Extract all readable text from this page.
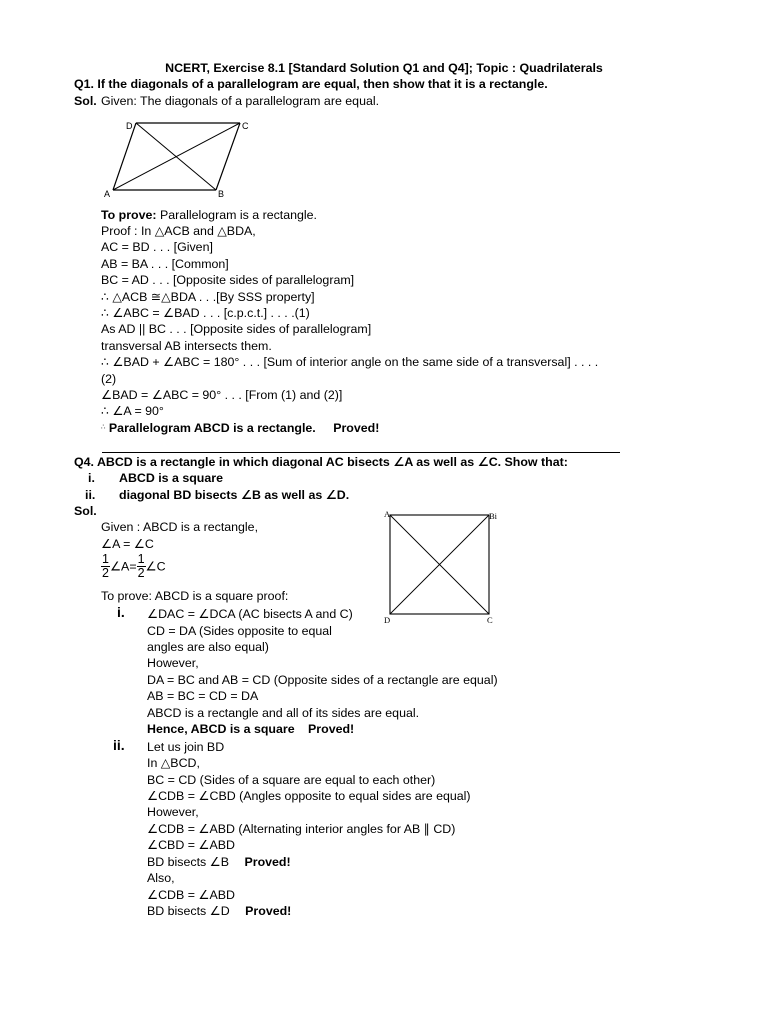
NCERT, Exercise 8.1 [Standard Solution Q1 and Q4]; Topic : Quadrilaterals
Q1. If the diagonals of a parallelogram are equal, then show that it is a rectangle.
Sol. Given: The diagonals of a parallelogram are equal.
D	C
A	B
To prove: Parallelogram is a rectangle.
Proof : In △ACB and △BDA,
AC = BD . . . [Given]
AB = BA . . . [Common]
BC = AD . . . [Opposite sides of parallelogram]
∴ △ACB ≅△BDA . . .[By SSS property]
∴ ∠ABC = ∠BAD . . . [c.p.c.t.] . . . .(1)
As AD || BC . . . [Opposite sides of parallelogram]
transversal AB intersects them.
∴ ∠BAD + ∠ABC = 180° . . . [Sum of interior angle on the same side of a transversal] . . . .
(2)
∠BAD = ∠ABC = 90° . . . [From (1) and (2)]
∴ ∠A = 90°
∴ Parallelogram ABCD is a rectangle. Proved!
Q4. ABCD is a rectangle in which diagonal AC bisects ∠A as well as ∠C. Show that:
i. ABCD is a square
ii. diagonal BD bisects ∠B as well as ∠D.
Sol.
Given : ABCD is a rectangle,
∠A = ∠C
$\frac{1}{2}$ ∠A= $\frac{1}{2}$ ∠C
To prove: ABCD is a square proof:
A	Bi
D	C
i. ∠DAC = ∠DCA (AC bisects A and C)
CD = DA (Sides opposite to equal
angles are also equal)
However,
DA = BC and AB = CD (Opposite sides of a rectangle are equal)
AB = BC = CD = DA
ABCD is a rectangle and all of its sides are equal.
Hence, ABCD is a square Proved!
ii. Let us join BD
In △BCD,
BC = CD (Sides of a square are equal to each other)
∠CDB = ∠CBD (Angles opposite to equal sides are equal)
However,
∠CDB = ∠ABD (Alternating interior angles for AB ∥ CD)
∠CBD = ∠ABD
BD bisects ∠B Proved!
Also,
∠CDB = ∠ABD
BD bisects ∠D Proved!
